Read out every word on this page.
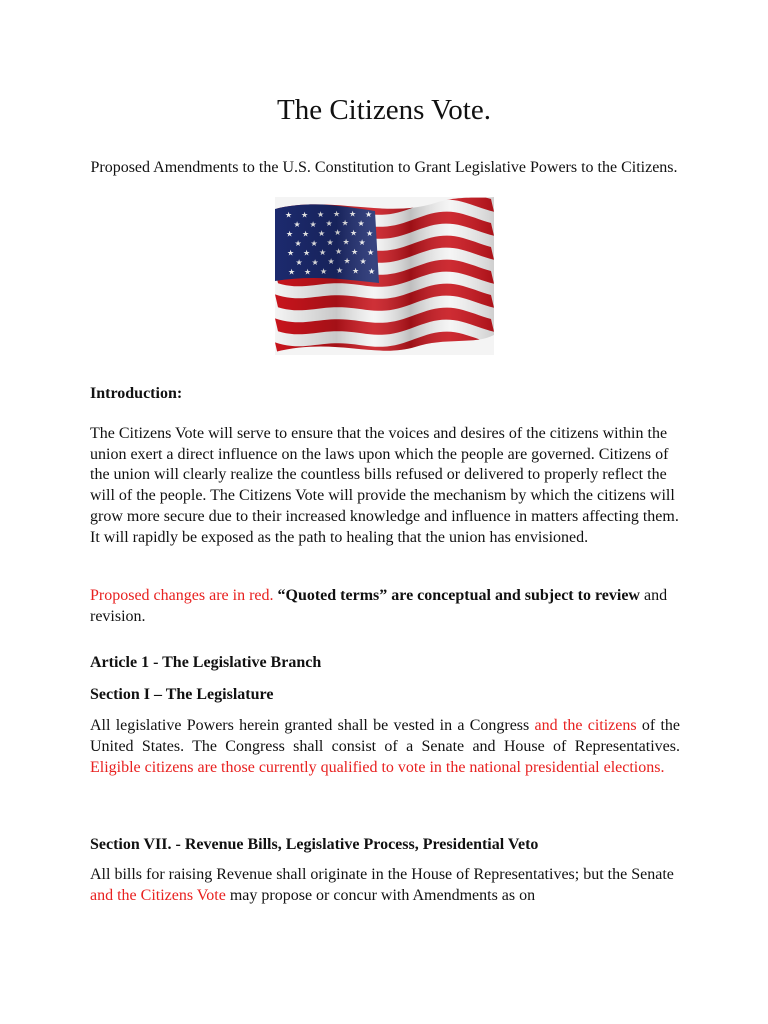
The Citizens Vote.
Proposed Amendments to the U.S. Constitution to Grant Legislative Powers to the Citizens.
Introduction:
The Citizens Vote will serve to ensure that the voices and desires of the citizens within the union exert a direct influence on the laws upon which the people are governed. Citizens of the union will clearly realize the countless bills refused or delivered to properly reflect the will of the people. The Citizens Vote will provide the mechanism by which the citizens will grow more secure due to their increased knowledge and influence in matters affecting them. It will rapidly be exposed as the path to healing that the union has envisioned.
Proposed changes are in red. “Quoted terms” are conceptual and subject to review and revision.
Article 1 - The Legislative Branch
Section I – The Legislature
All legislative Powers herein granted shall be vested in a Congress and the citizens of the United States. The Congress shall consist of a Senate and House of Representatives. Eligible citizens are those currently qualified to vote in the national presidential elections.
Section VII. - Revenue Bills, Legislative Process, Presidential Veto
All bills for raising Revenue shall originate in the House of Representatives; but the Senate and the Citizens Vote may propose or concur with Amendments as on
